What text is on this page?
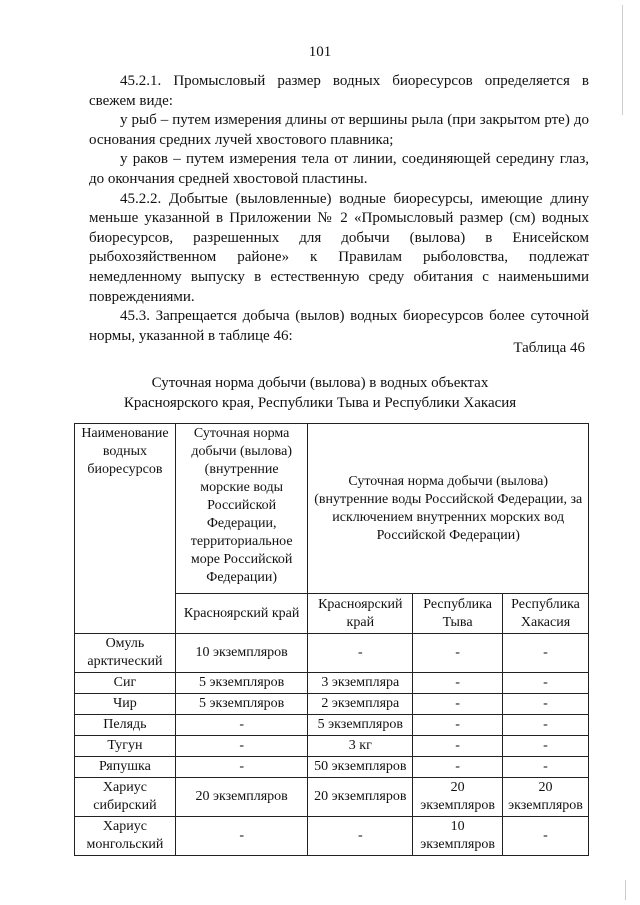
101

45.2.1. Промысловый размер водных биоресурсов определяется в свежем виде:

у рыб – путем измерения длины от вершины рыла (при закрытом рте) до основания средних лучей хвостового плавника;

у раков – путем измерения тела от линии, соединяющей середину глаз, до окончания средней хвостовой пластины.

45.2.2. Добытые (выловленные) водные биоресурсы, имеющие длину меньше указанной в Приложении № 2 «Промысловый размер (см) водных биоресурсов, разрешенных для добычи (вылова) в Енисейском рыбохозяйственном районе» к Правилам рыболовства, подлежат немедленному выпуску в естественную среду обитания с наименьшими повреждениями.

45.3. Запрещается добыча (вылов) водных биоресурсов более суточной нормы, указанной в таблице 46:

Таблица 46
Суточная норма добычи (вылова) в водных объектах
Красноярского края, Республики Тыва и Республики Хакасия
Наименование водных биоресурсов	Суточная норма добычи (вылова) (внутренние морские воды Российской Федерации, территориальное море Российской Федерации)	Суточная норма добычи (вылова) (внутренние воды Российской Федерации, за исключением внутренних морских вод Российской Федерации)		
	Красноярский край	Красноярский край	Республика Тыва	Республика Хакасия
Омуль арктический	10 экземпляров	-	-	-
Сиг	5 экземпляров	3 экземпляра	-	-
Чир	5 экземпляров	2 экземпляра	-	-
Пелядь	-	5 экземпляров	-	-
Тугун	-	3 кг	-	-
Ряпушка	-	50 экземпляров	-	-
Хариус сибирский	20 экземпляров	20 экземпляров	20 экземпляров	20 экземпляров
Хариус монгольский	-	-	10 экземпляров	-
